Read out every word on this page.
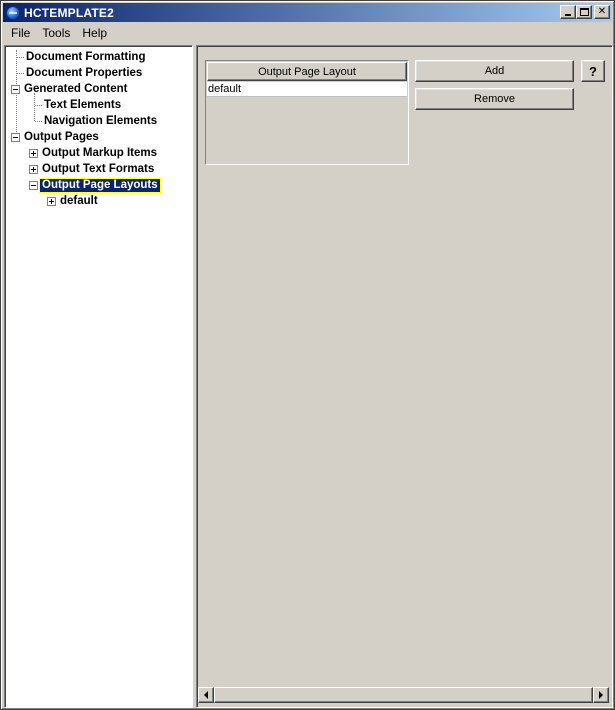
HCTEMPLATE2	✕
File	Tools	Help
Document Formatting
Document Properties
Generated Content
Text Elements
Navigation Elements
Output Pages
Output Markup Items
Output Text Formats
Output Page Layouts
default
Output Page Layout
default
Add
Remove
?
